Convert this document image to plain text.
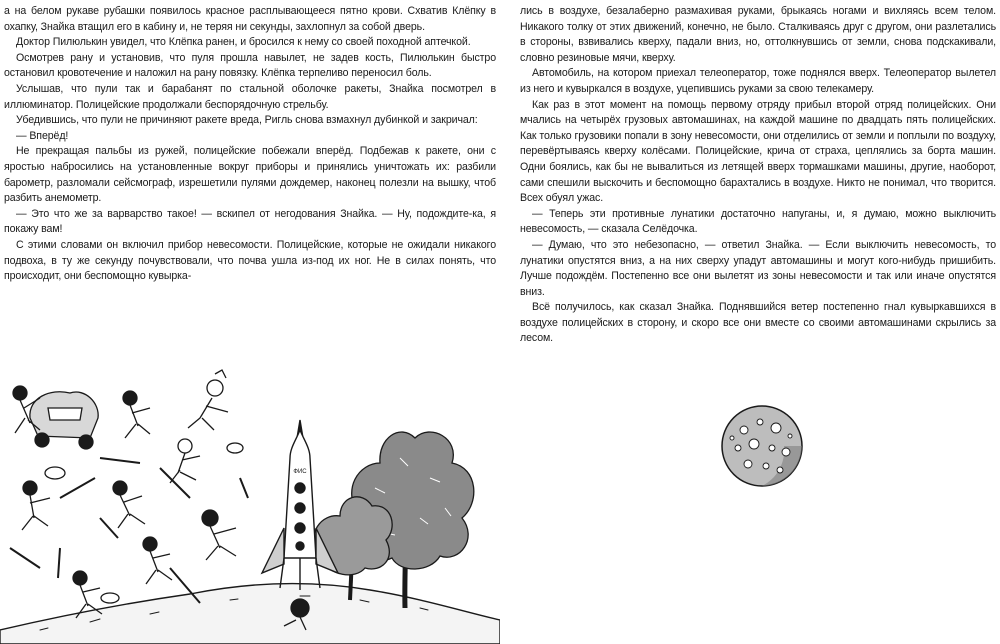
а на белом рукаве рубашки появилось красное расплывающееся пятно крови. Схватив Клёпку в охапку, Знайка втащил его в кабину и, не теряя ни секунды, захлопнул за собой дверь.

Доктор Пилюлькин увидел, что Клёпка ранен, и бросился к нему со своей походной аптечкой.

Осмотрев рану и установив, что пуля прошла навылет, не задев кость, Пилюлькин быстро остановил кровотечение и наложил на рану повязку. Клёпка терпеливо переносил боль.

Услышав, что пули так и барабанят по стальной оболочке ракеты, Знайка посмотрел в иллюминатор. Полицейские продолжали беспорядочную стрельбу.

Убедившись, что пули не причиняют ракете вреда, Ригль снова взмахнул дубинкой и закричал:

— Вперёд!

Не прекращая пальбы из ружей, полицейские побежали вперёд. Подбежав к ракете, они с яростью набросились на установленные вокруг приборы и принялись уничтожать их: разбили барометр, разломали сейсмограф, изрешетили пулями дождемер, наконец полезли на вышку, чтоб разбить анемометр.

— Это что же за варварство такое! — вскипел от негодования Знайка. — Ну, подождите-ка, я покажу вам!

С этими словами он включил прибор невесомости. Полицейские, которые не ожидали никакого подвоха, в ту же секунду почувствовали, что почва ушла из-под их ног. Не в силах понять, что происходит, они беспомощно кувырка-

ФИС

лись в воздухе, безалаберно размахивая руками, брыкаясь ногами и вихляясь всем телом. Никакого толку от этих движений, конечно, не было. Сталкиваясь друг с другом, они разлетались в стороны, взвивались кверху, падали вниз, но, оттолкнувшись от земли, снова подскакивали, словно резиновые мячи, кверху.

Автомобиль, на котором приехал телеоператор, тоже поднялся вверх. Телеоператор вылетел из него и кувыркался в воздухе, уцепившись руками за свою телекамеру.

Как раз в этот момент на помощь первому отряду прибыл второй отряд полицейских. Они мчались на четырёх грузовых автомашинах, на каждой машине по двадцать пять полицейских. Как только грузовики попали в зону невесомости, они отделились от земли и поплыли по воздуху, перевёртываясь кверху колёсами. Полицейские, крича от страха, цеплялись за борта машин. Одни боялись, как бы не вывалиться из летящей вверх тормашками машины, другие, наоборот, сами спешили выскочить и беспомощно барахтались в воздухе. Никто не понимал, что творится. Всех обуял ужас.

— Теперь эти противные лунатики достаточно напуганы, и, я думаю, можно выключить невесомость, — сказала Селёдочка.

— Думаю, что это небезопасно, — ответил Знайка. — Если выключить невесомость, то лунатики опустятся вниз, а на них сверху упадут автомашины и могут кого-нибудь пришибить. Лучше подождём. Постепенно все они вылетят из зоны невесомости и так или иначе опустятся вниз.

Всё получилось, как сказал Знайка. Поднявшийся ветер постепенно гнал кувыркавшихся в воздухе полицейских в сторону, и скоро все они вместе со своими автомашинами скрылись за лесом.
